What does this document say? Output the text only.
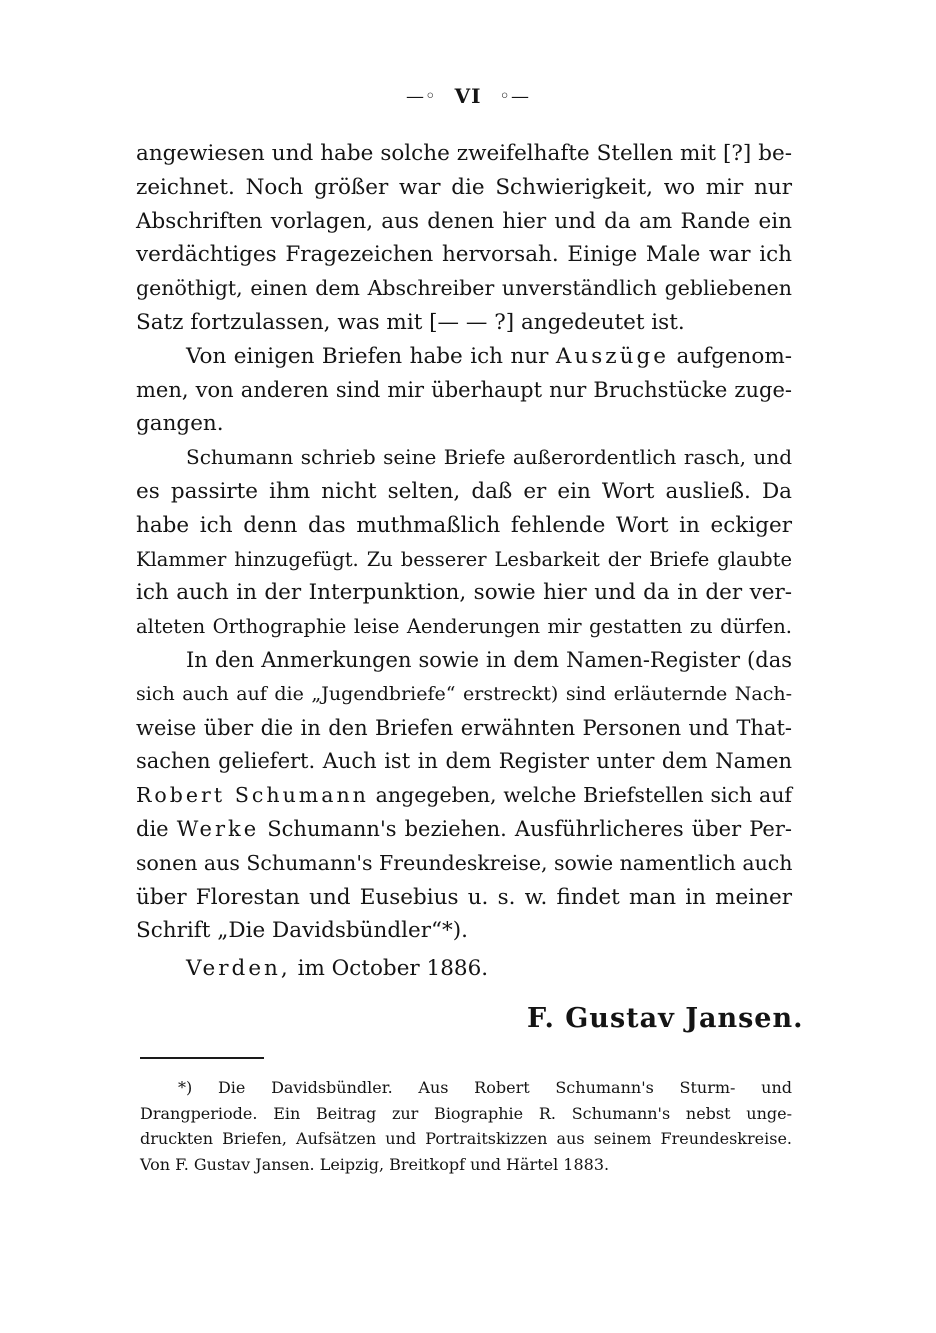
—◦ VI ◦—
angewiesen und habe solche zweifelhafte Stellen mit [?] be-
zeichnet. Noch größer war die Schwierigkeit, wo mir nur
Abschriften vorlagen, aus denen hier und da am Rande ein
verdächtiges Fragezeichen hervorsah. Einige Male war ich
genöthigt, einen dem Abschreiber unverständlich gebliebenen
Satz fortzulassen, was mit [— — ?] angedeutet ist.
Von einigen Briefen habe ich nur Auszüge aufgenom-
men, von anderen sind mir überhaupt nur Bruchstücke zuge-
gangen.
Schumann schrieb seine Briefe außerordentlich rasch, und
es passirte ihm nicht selten, daß er ein Wort ausließ. Da
habe ich denn das muthmaßlich fehlende Wort in eckiger
Klammer hinzugefügt. Zu besserer Lesbarkeit der Briefe glaubte
ich auch in der Interpunktion, sowie hier und da in der ver-
alteten Orthographie leise Aenderungen mir gestatten zu dürfen.
In den Anmerkungen sowie in dem Namen-Register (das
sich auch auf die „Jugendbriefe“ erstreckt) sind erläuternde Nach-
weise über die in den Briefen erwähnten Personen und That-
sachen geliefert. Auch ist in dem Register unter dem Namen
Robert Schumann angegeben, welche Briefstellen sich auf
die Werke Schumann's beziehen. Ausführlicheres über Per-
sonen aus Schumann's Freundeskreise, sowie namentlich auch
über Florestan und Eusebius u. s. w. findet man in meiner
Schrift „Die Davidsbündler“*).
Verden, im October 1886.
F. Gustav Jansen.
*) Die Davidsbündler. Aus Robert Schumann's Sturm- und
Drangperiode. Ein Beitrag zur Biographie R. Schumann's nebst unge-
druckten Briefen, Aufsätzen und Portraitskizzen aus seinem Freundeskreise.
Von F. Gustav Jansen. Leipzig, Breitkopf und Härtel 1883.
